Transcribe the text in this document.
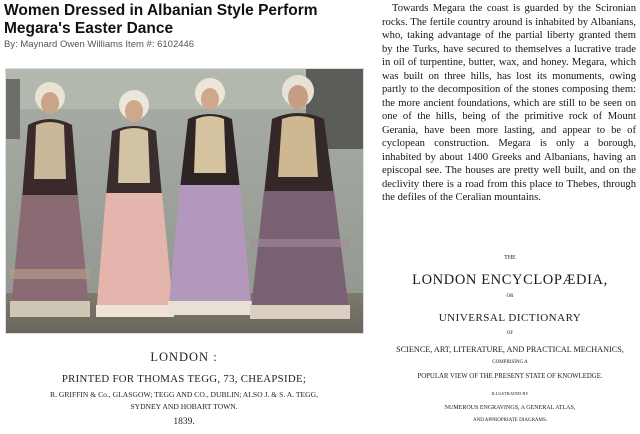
Women Dressed in Albanian Style Perform Megara's Easter Dance
By: Maynard Owen Williams Item #: 6102446
LONDON :
PRINTED FOR THOMAS TEGG, 73, CHEAPSIDE;
R. GRIFFIN & Co., GLASGOW; TEGG AND CO., DUBLIN; ALSO J. & S. A. TEGG,
SYDNEY AND HOBART TOWN.
1839.
Towards Megara the coast is guarded by the Scironian rocks. The fertile country around is inhabited by Albanians, who, taking advantage of the partial liberty granted them by the Turks, have secured to themselves a lucrative trade in oil of turpentine, butter, wax, and honey. Megara, which was built on three hills, has lost its monuments, owing partly to the decomposition of the stones composing them: the more ancient foundations, which are still to be seen on one of the hills, being of the primitive rock of Mount Gerania, have been more lasting, and appear to be of cyclopean construction. Megara is only a borough, inhabited by about 1400 Greeks and Albanians, having an episcopal see. The houses are pretty well built, and on the declivity there is a road from this place to Thebes, through the defiles of the Ceralian mountains.
THE
LONDON ENCYCLOPÆDIA,
OR
UNIVERSAL DICTIONARY
OF
SCIENCE, ART, LITERATURE, AND PRACTICAL MECHANICS,
COMPRISING A
POPULAR VIEW OF THE PRESENT STATE OF KNOWLEDGE.
ILLUSTRATED BY
NUMEROUS ENGRAVINGS, A GENERAL ATLAS,
AND APPROPRIATE DIAGRAMS.
